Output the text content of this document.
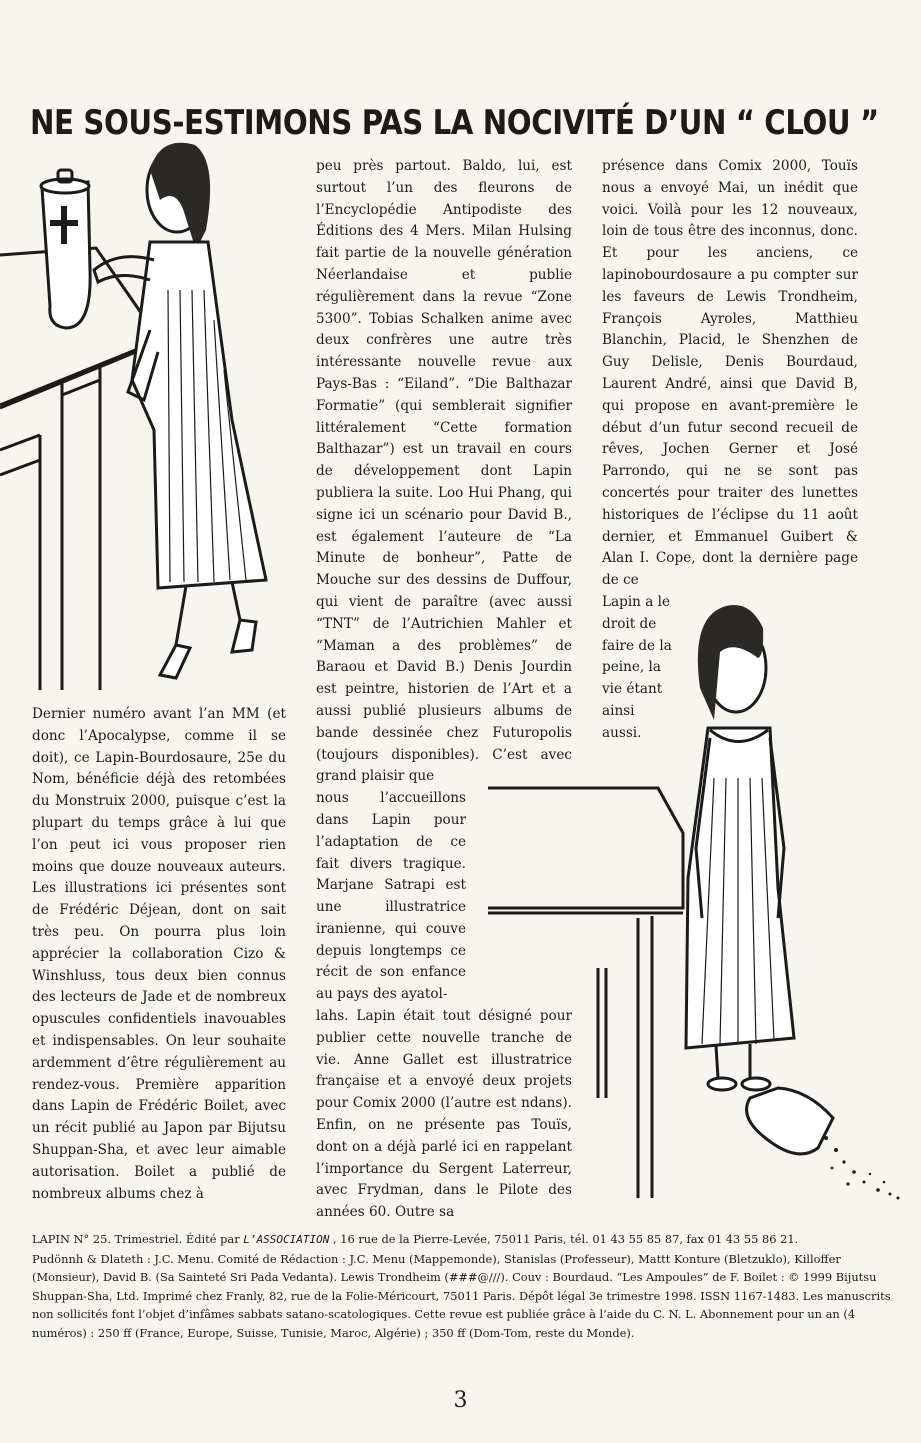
NE SOUS-ESTIMONS PAS LA NOCIVITÉ D’UN “ CLOU ”

Dernier numéro avant l’an MM (et donc l’Apocalypse, comme il se doit), ce Lapin-Bourdosaure, 25e du Nom, bénéficie déjà des retombées du Monstruix 2000, puisque c’est la plupart du temps grâce à lui que l’on peut ici vous proposer rien moins que douze nouveaux auteurs. Les illustrations ici présentes sont de Frédéric Déjean, dont on sait très peu. On pourra plus loin apprécier la collaboration Cizo & Winshluss, tous deux bien connus des lecteurs de Jade et de nombreux opuscules confidentiels inavouables et indispensables. On leur souhaite ardemment d’être régulièrement au rendez-vous. Première apparition dans Lapin de Frédéric Boilet, avec un récit publié au Japon par Bijutsu Shuppan-Sha, et avec leur aimable autorisation. Boilet a publié de nombreux albums chez à

peu près partout. Baldo, lui, est surtout l’un des fleurons de l’Encyclopédie Antipodiste des Éditions des 4 Mers. Milan Hulsing fait partie de la nouvelle génération Néerlandaise et publie régulièrement dans la revue “Zone 5300”. Tobias Schalken anime avec deux confrères une autre très intéressante nouvelle revue aux Pays-Bas : “Eiland”. “Die Balthazar Formatie” (qui semblerait signifier littéralement “Cette formation Balthazar”) est un travail en cours de développement dont Lapin publiera la suite. Loo Hui Phang, qui signe ici un scénario pour David B., est également l’auteure de “La Minute de bonheur”, Patte de Mouche sur des dessins de Duffour, qui vient de paraître (avec aussi “TNT” de l’Autrichien Mahler et “Maman a des problèmes” de Baraou et David B.) Denis Jourdin est peintre, historien de l’Art et a aussi publié plusieurs albums de bande dessinée chez Futuropolis (toujours disponibles). C’est avec grand plaisir que

nous l’accueillons dans Lapin pour l’adaptation de ce fait divers tragique. Marjane Satrapi est une illustratrice iranienne, qui couve depuis longtemps ce récit de son enfance au pays des ayatol-

lahs. Lapin était tout désigné pour publier cette nouvelle tranche de vie. Anne Gallet est illustratrice française et a envoyé deux projets pour Comix 2000 (l’autre est ndans). Enfin, on ne présente pas Touïs, dont on a déjà parlé ici en rappelant l’importance du Sergent Laterreur, avec Frydman, dans le Pilote des années 60. Outre sa

présence dans Comix 2000, Touïs nous a envoyé Mai, un inédit que voici. Voilà pour les 12 nouveaux, loin de tous être des inconnus, donc. Et pour les anciens, ce lapinobourdosaure a pu compter sur les faveurs de Lewis Trondheim, François Ayroles, Matthieu Blanchin, Placid, le Shenzhen de Guy Delisle, Denis Bourdaud, Laurent André, ainsi que David B, qui propose en avant-première le début d’un futur second recueil de rêves, Jochen Gerner et José Parrondo, qui ne se sont pas concertés pour traiter des lunettes historiques de l’éclipse du 11 août dernier, et Emmanuel Guibert & Alan I. Cope, dont la dernière page de ce

Lapin a le droit de faire de la peine, la vie étant ainsi aussi.

LAPIN N° 25. Trimestriel. Édité par L’ASSOCIATION , 16 rue de la Pierre-Levée, 75011 Paris, tél. 01 43 55 85 87, fax 01 43 55 86 21.

Pudönnh & Dlateth : J.C. Menu. Comité de Rédaction : J.C. Menu (Mappemonde), Stanislas (Professeur), Mattt Konture (Bletzuklo), Killoffer (Monsieur), David B. (Sa Sainteté Sri Pada Vedanta). Lewis Trondheim (###@///). Couv : Bourdaud. “Les Ampoules” de F. Boilet : © 1999 Bijutsu Shuppan-Sha, Ltd. Imprimé chez Franly, 82, rue de la Folie-Méricourt, 75011 Paris. Dépôt légal 3e trimestre 1998. ISSN 1167-1483. Les manuscrits non sollicités font l’objet d’infâmes sabbats satano-scatologiques. Cette revue est publiée grâce à l’aide du C. N. L. Abonnement pour un an (4 numéros) : 250 ff (France, Europe, Suisse, Tunisie, Maroc, Algérie) ; 350 ff (Dom-Tom, reste du Monde).

3
